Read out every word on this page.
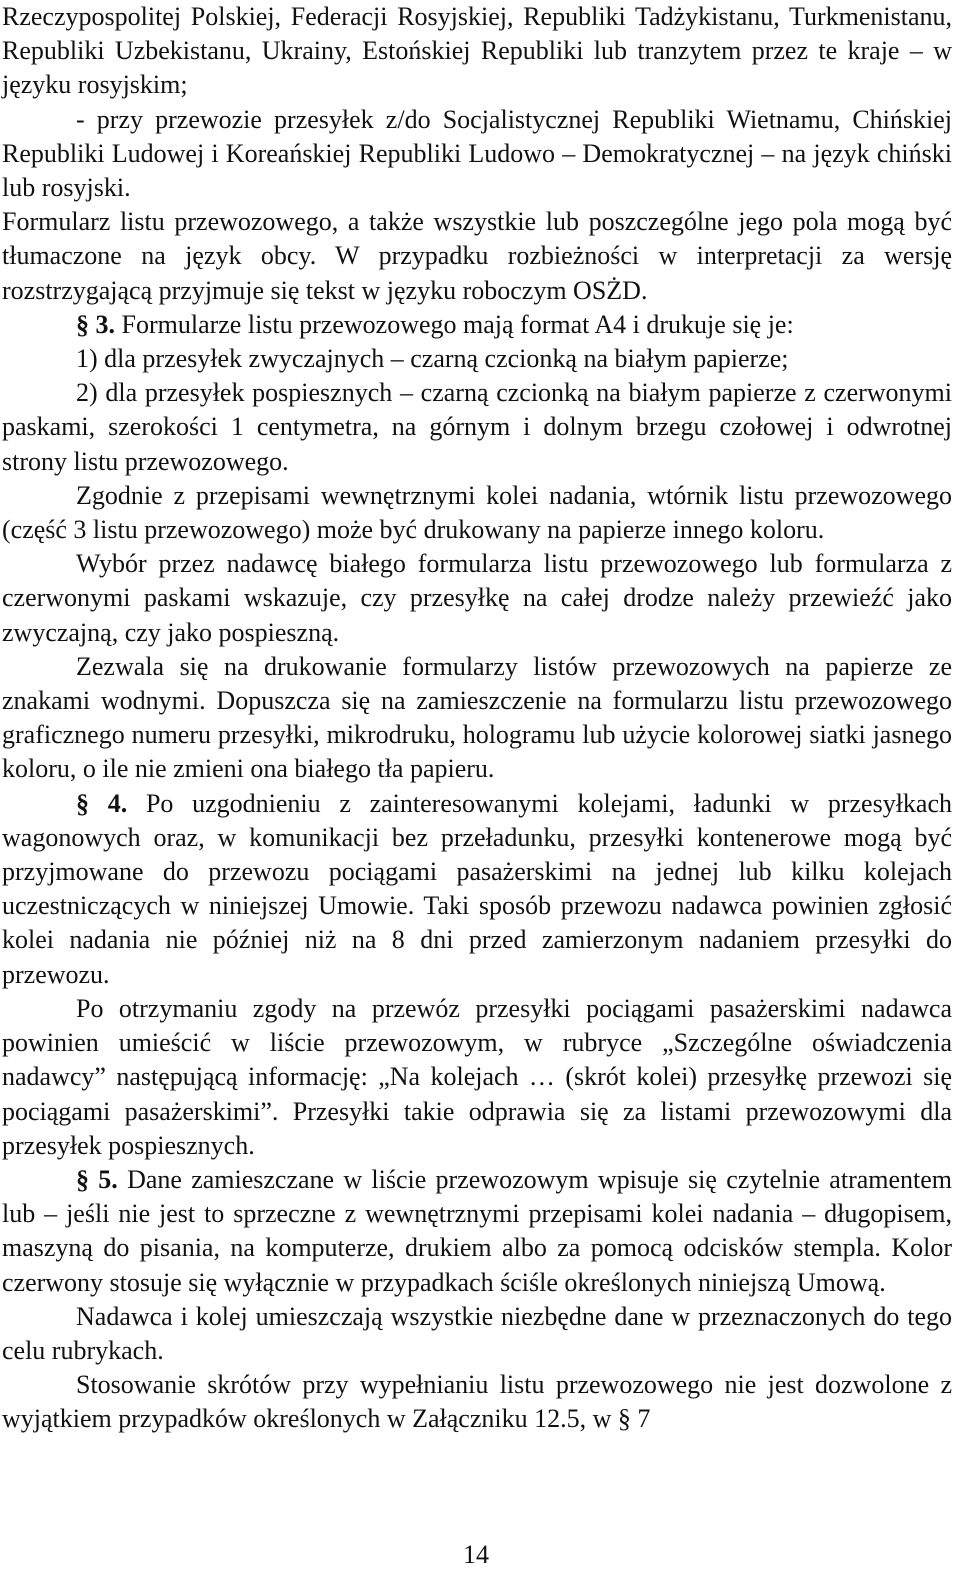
Rzeczypospolitej Polskiej, Federacji Rosyjskiej, Republiki Tadżykistanu, Turkmenistanu, Republiki Uzbekistanu, Ukrainy, Estońskiej Republiki lub tranzytem przez te kraje – w języku rosyjskim;

- przy przewozie przesyłek z/do Socjalistycznej Republiki Wietnamu, Chińskiej Republiki Ludowej i Koreańskiej Republiki Ludowo – Demokratycznej – na język chiński lub rosyjski.

Formularz listu przewozowego, a także wszystkie lub poszczególne jego pola mogą być tłumaczone na język obcy. W przypadku rozbieżności w interpretacji za wersję rozstrzygającą przyjmuje się tekst w języku roboczym OSŻD.

§ 3. Formularze listu przewozowego mają format A4 i drukuje się je:

1) dla przesyłek zwyczajnych – czarną czcionką na białym papierze;

2) dla przesyłek pospiesznych – czarną czcionką na białym papierze z czerwonymi paskami, szerokości 1 centymetra, na górnym i dolnym brzegu czołowej i odwrotnej strony listu przewozowego.

Zgodnie z przepisami wewnętrznymi kolei nadania, wtórnik listu przewozowego (część 3 listu przewozowego) może być drukowany na papierze innego koloru.

Wybór przez nadawcę białego formularza listu przewozowego lub formularza z czerwonymi paskami wskazuje, czy przesyłkę na całej drodze należy przewieźć jako zwyczajną, czy jako pospieszną.

Zezwala się na drukowanie formularzy listów przewozowych na papierze ze znakami wodnymi. Dopuszcza się na zamieszczenie na formularzu listu przewozowego graficznego numeru przesyłki, mikrodruku, hologramu lub użycie kolorowej siatki jasnego koloru, o ile nie zmieni ona białego tła papieru.

§ 4. Po uzgodnieniu z zainteresowanymi kolejami, ładunki w przesyłkach wagonowych oraz, w komunikacji bez przeładunku, przesyłki kontenerowe mogą być przyjmowane do przewozu pociągami pasażerskimi na jednej lub kilku kolejach uczestniczących w niniejszej Umowie. Taki sposób przewozu nadawca powinien zgłosić kolei nadania nie później niż na 8 dni przed zamierzonym nadaniem przesyłki do przewozu.

Po otrzymaniu zgody na przewóz przesyłki pociągami pasażerskimi nadawca powinien umieścić w liście przewozowym, w rubryce „Szczególne oświadczenia nadawcy” następującą informację: „Na kolejach … (skrót kolei) przesyłkę przewozi się pociągami pasażerskimi”. Przesyłki takie odprawia się za listami przewozowymi dla przesyłek pospiesznych.

§ 5. Dane zamieszczane w liście przewozowym wpisuje się czytelnie atramentem lub – jeśli nie jest to sprzeczne z wewnętrznymi przepisami kolei nadania – długopisem, maszyną do pisania, na komputerze, drukiem albo za pomocą odcisków stempla. Kolor czerwony stosuje się wyłącznie w przypadkach ściśle określonych niniejszą Umową.

Nadawca i kolej umieszczają wszystkie niezbędne dane w przeznaczonych do tego celu rubrykach.

Stosowanie skrótów przy wypełnianiu listu przewozowego nie jest dozwolone z wyjątkiem przypadków określonych w Załączniku 12.5, w § 7

14
